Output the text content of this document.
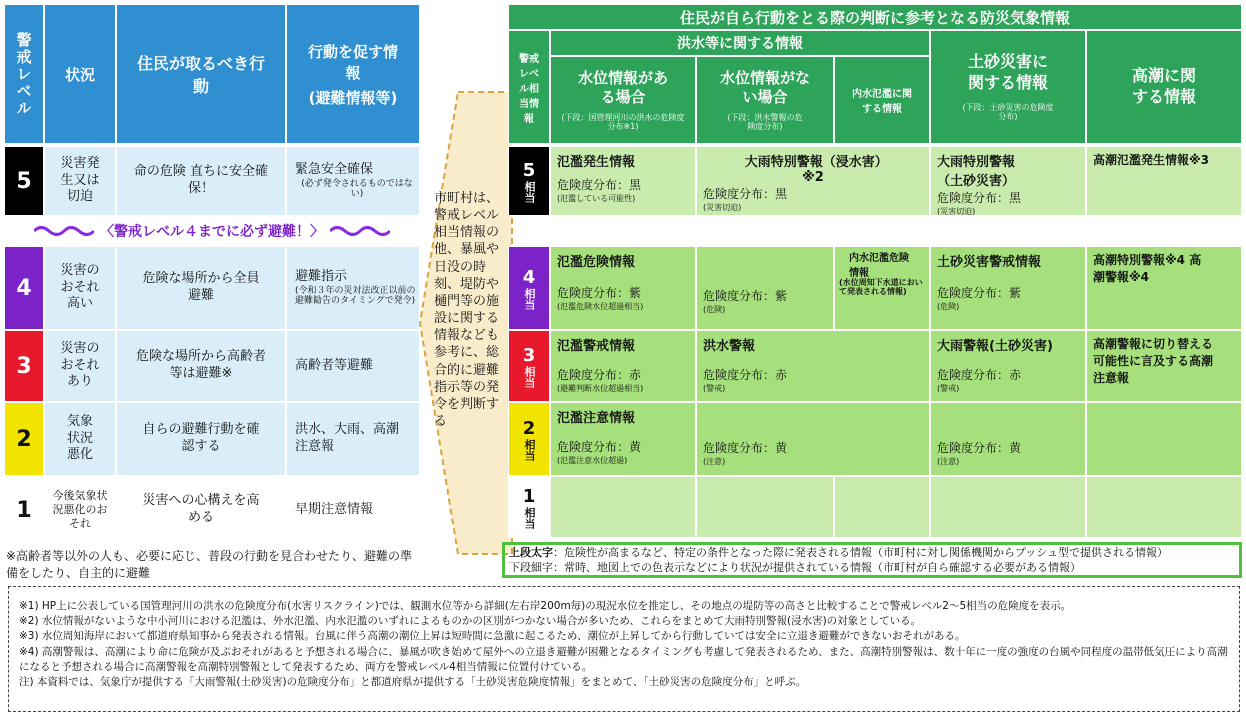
警戒レベル 状況
住民が取るべき行動
行動を促す情報
(避難情報等)
5
災害発生又は切迫
命の危険 直ちに安全確保！
緊急安全確保
(必ず発令されるものではない)
〈警戒レベル４までに必ず避難！〉
4
災害のおそれ高い
危険な場所から全員避難
避難指示
(令和３年の災対法改正以前の避難勧告のタイミングで発令)
3
災害のおそれあり
危険な場所から高齢者等は避難※
高齢者等避難
2
気象状況悪化
自らの避難行動を確認する
洪水、大雨、高潮注意報
1
今後気象状況悪化のおそれ
災害への心構えを高める
早期注意情報
※高齢者等以外の人も、必要に応じ、普段の行動を見合わせたり、避難の準備をしたり、自主的に避難
市町村は、警戒レベル相当情報の他、暴風や日没の時刻、堤防や樋門等の施設に関する情報なども参考に、総合的に避難指示等の発令を判断する
住民が自ら行動をとる際の判断に参考となる防災気象情報
警戒レベル相当情報
洪水等に関する情報
水位情報がある場合
(下段：国管理河川の洪水の危険度分布※1)
水位情報がない場合
(下段：洪水警報の危険度分布)
内水氾濫に関する情報
土砂災害に関する情報
(下段：土砂災害の危険度分布)
高潮に関する情報
5
相当
4
相当
3
相当
2
相当
1
相当
氾濫発生情報
危険度分布：黒
(氾濫している可能性)
大雨特別警報（浸水害）※2
危険度分布：黒
(災害切迫)
大雨特別警報（土砂災害）
危険度分布：黒
(災害切迫)
高潮氾濫発生情報※3
氾濫危険情報
危険度分布：紫
(氾濫危険水位超過相当)
危険度分布：紫
(危険)
内水氾濫危険情報
(水位周知下水道において発表される情報)
土砂災害警戒情報
危険度分布：紫
(危険)
高潮特別警報※4 高潮警報※4
氾濫警戒情報
危険度分布：赤
(避難判断水位超過相当)
洪水警報
危険度分布：赤
(警戒)
大雨警報(土砂災害)
危険度分布：赤
(警戒)
高潮警報に切り替える可能性に言及する高潮注意報
氾濫注意情報
危険度分布：黄
(氾濫注意水位超過)
危険度分布：黄
(注意)
危険度分布：黄
(注意)
上段太字：危険性が高まるなど、特定の条件となった際に発表される情報（市町村に対し関係機関からプッシュ型で提供される情報）
下段細字：常時、地図上での色表示などにより状況が提供されている情報（市町村が自ら確認する必要がある情報）
※1) HP上に公表している国管理河川の洪水の危険度分布(水害リスクライン)では、観測水位等から詳細(左右岸200m毎)の現況水位を推定し、その地点の堤防等の高さと比較することで警戒レベル2〜5相当の危険度を表示。
※2) 水位情報がないような中小河川における氾濫は、外水氾濫、内水氾濫のいずれによるものかの区別がつかない場合が多いため、これらをまとめて大雨特別警報(浸水害)の対象としている。
※3) 水位周知海岸において都道府県知事から発表される情報。台風に伴う高潮の潮位上昇は短時間に急激に起こるため、潮位が上昇してから行動していては安全に立退き避難ができないおそれがある。
※4) 高潮警報は、高潮により命に危険が及ぶおそれがあると予想される場合に、暴風が吹き始めて屋外への立退き避難が困難となるタイミングも考慮して発表されるため、また、高潮特別警報は、数十年に一度の強度の台風や同程度の温帯低気圧により高潮になると予想される場合に高潮警報を高潮特別警報として発表するため、両方を警戒レベル4相当情報に位置付けている。
注) 本資料では、気象庁が提供する「大雨警報(土砂災害)の危険度分布」と都道府県が提供する「土砂災害危険度情報」をまとめて、「土砂災害の危険度分布」と呼ぶ。
